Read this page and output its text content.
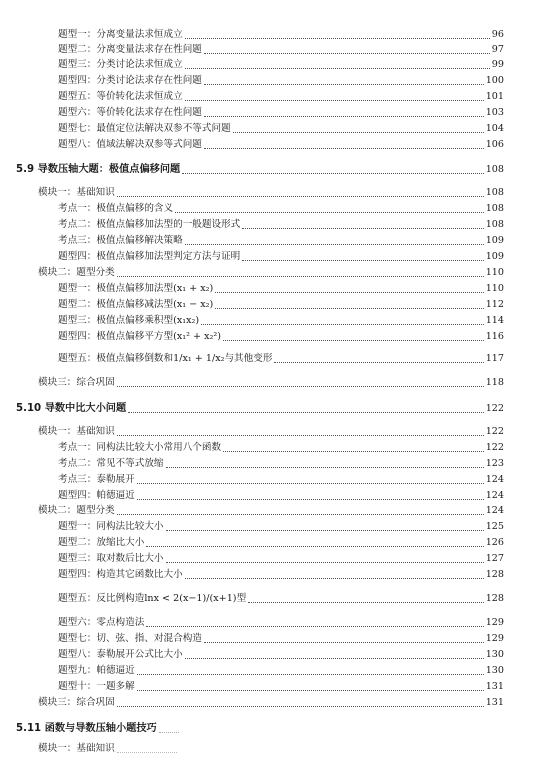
题型一：分离变量法求恒成立	96
题型二：分离变量法求存在性问题	97
题型三：分类讨论法求恒成立	99
题型四：分类讨论法求存在性问题	100
题型五：等价转化法求恒成立	101
题型六：等价转化法求存在性问题	103
题型七：最值定位法解决双参不等式问题	104
题型八：值域法解决双参等式问题	106
5.9 导数压轴大题：极值点偏移问题	108
模块一：基础知识	108
考点一：极值点偏移的含义	108
考点二：极值点偏移加法型的一般题设形式	108
考点三：极值点偏移解决策略	109
题型四：极值点偏移加法型判定方法与证明	109
模块二：题型分类	110
题型一：极值点偏移加法型(x₁ + x₂)	110
题型二：极值点偏移减法型(x₁ − x₂)	112
题型三：极值点偏移乘积型(x₁x₂)	114
题型四：极值点偏移平方型(x₁² + x₂²)	116
题型五：极值点偏移倒数和1/x₁ + 1/x₂与其他变形	117
模块三：综合巩固	118
5.10 导数中比大小问题	122
模块一：基础知识	122
考点一：同构法比较大小常用八个函数	122
考点二：常见不等式放缩	123
考点三：泰勒展开	124
题型四：帕德逼近	124
模块二：题型分类	124
题型一：同构法比较大小	125
题型二：放缩比大小	126
题型三：取对数后比大小	127
题型四：构造其它函数比大小	128
题型五：反比例构造lnx < 2(x−1)/(x+1)型	128
题型六：零点构造法	129
题型七：切、弦、指、对混合构造	129
题型八：泰勒展开公式比大小	130
题型九：帕德逼近	130
题型十：一题多解	131
模块三：综合巩固	131
5.11 函数与导数压轴小题技巧
模块一：基础知识
